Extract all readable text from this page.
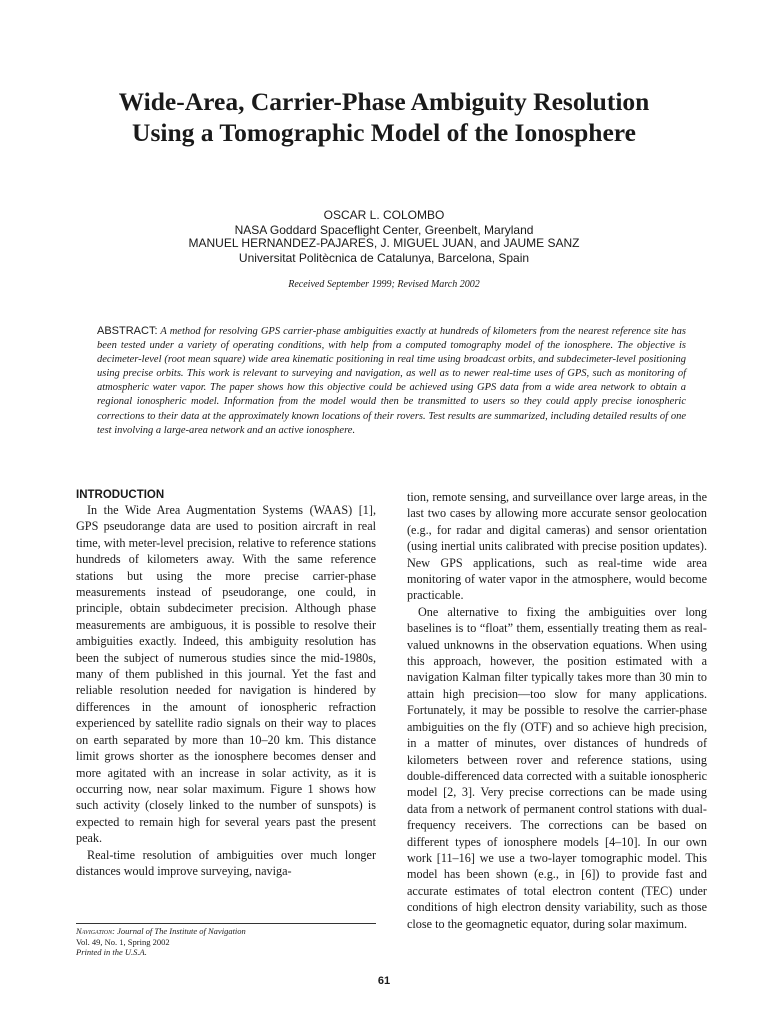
Wide-Area, Carrier-Phase Ambiguity Resolution
Using a Tomographic Model of the Ionosphere

OSCAR L. COLOMBO

NASA Goddard Spaceflight Center, Greenbelt, Maryland

MANUEL HERNANDEZ-PAJARES, J. MIGUEL JUAN, and JAUME SANZ

Universitat Politècnica de Catalunya, Barcelona, Spain

Received September 1999; Revised March 2002

ABSTRACT: A method for resolving GPS carrier-phase ambiguities exactly at hundreds of kilometers from the nearest reference site has been tested under a variety of operating conditions, with help from a computed tomography model of the ionosphere. The objective is decimeter-level (root mean square) wide area kinematic positioning in real time using broadcast orbits, and subdecimeter-level positioning using precise orbits. This work is relevant to surveying and navigation, as well as to newer real-time uses of GPS, such as monitoring of atmospheric water vapor. The paper shows how this objective could be achieved using GPS data from a wide area network to obtain a regional ionospheric model. Information from the model would then be transmitted to users so they could apply precise ionospheric corrections to their data at the approximately known locations of their rovers. Test results are summarized, including detailed results of one test involving a large-area network and an active ionosphere.

INTRODUCTION

In the Wide Area Augmentation Systems (WAAS) [1], GPS pseudorange data are used to position aircraft in real time, with meter-level precision, relative to reference stations hundreds of kilometers away. With the same reference stations but using the more precise carrier-phase measurements instead of pseudorange, one could, in principle, obtain subdecimeter precision. Although phase measurements are ambiguous, it is possible to resolve their ambiguities exactly. Indeed, this ambiguity resolution has been the subject of numerous studies since the mid-1980s, many of them published in this journal. Yet the fast and reliable resolution needed for navigation is hindered by differences in the amount of ionospheric refraction experienced by satellite radio signals on their way to places on earth separated by more than 10–20 km. This distance limit grows shorter as the ionosphere becomes denser and more agitated with an increase in solar activity, as it is occurring now, near solar maximum. Figure 1 shows how such activity (closely linked to the number of sunspots) is expected to remain high for several years past the present peak.

Real-time resolution of ambiguities over much longer distances would improve surveying, naviga-

tion, remote sensing, and surveillance over large areas, in the last two cases by allowing more accurate sensor geolocation (e.g., for radar and digital cameras) and sensor orientation (using inertial units calibrated with precise position updates). New GPS applications, such as real-time wide area monitoring of water vapor in the atmosphere, would become practicable.

One alternative to fixing the ambiguities over long baselines is to “float” them, essentially treating them as real-valued unknowns in the observation equations. When using this approach, however, the position estimated with a navigation Kalman filter typically takes more than 30 min to attain high precision—too slow for many applications. Fortunately, it may be possible to resolve the carrier-phase ambiguities on the fly (OTF) and so achieve high precision, in a matter of minutes, over distances of hundreds of kilometers between rover and reference stations, using double-differenced data corrected with a suitable ionospheric model [2, 3]. Very precise corrections can be made using data from a network of permanent control stations with dual-frequency receivers. The corrections can be based on different types of ionosphere models [4–10]. In our own work [11–16] we use a two-layer tomographic model. This model has been shown (e.g., in [6]) to provide fast and accurate estimates of total electron content (TEC) under conditions of high electron density variability, such as those close to the geomagnetic equator, during solar maximum.

Navigation: Journal of The Institute of Navigation
Vol. 49, No. 1, Spring 2002
Printed in the U.S.A.

61
